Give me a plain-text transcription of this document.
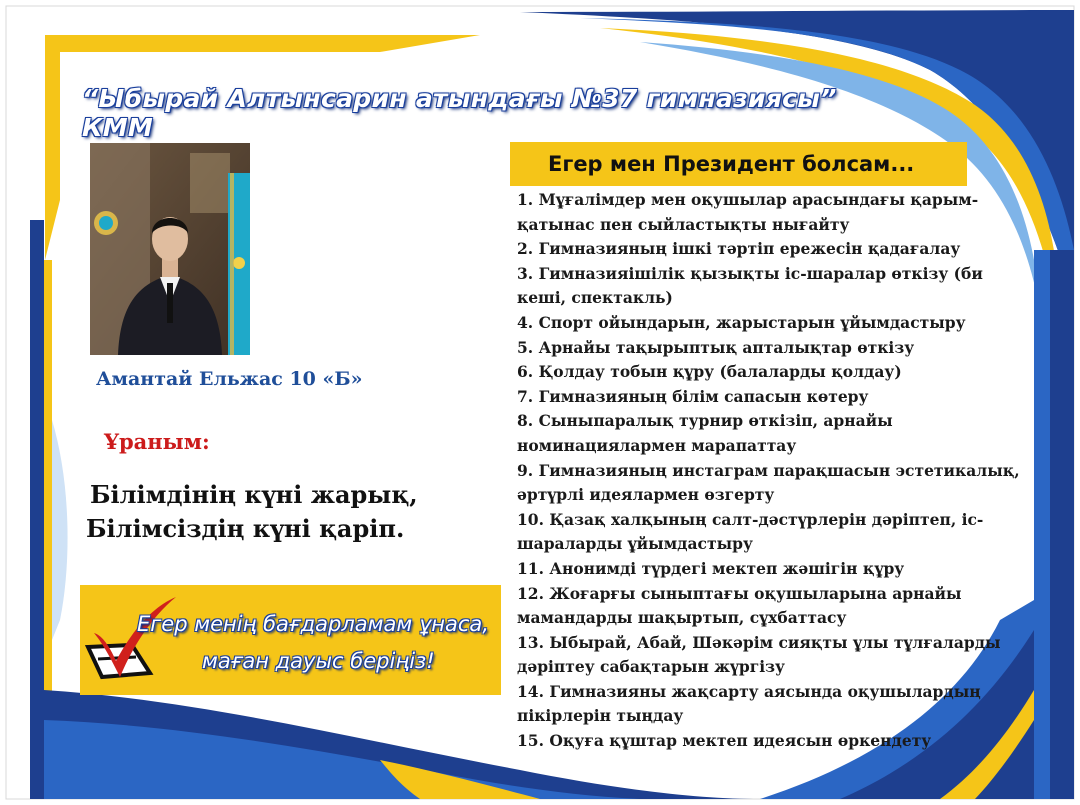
“Ыбырай Алтынсарин атындағы №37 гимназиясы” КММ
Амантай Ельжас 10 «Б»
Ұраным:
Білімдінің күні жарық,
Білімсіздің күні қаріп.
Егер менің бағдарламам ұнаса,
маған дауыс беріңіз!
Егер мен Президент болсам...
1. Мұғалімдер мен оқушылар арасындағы қарым-
қатынас пен сыйластықты нығайту
2. Гимназияның ішкі тәртіп ережесін қадағалау
3. Гимназияішілік қызықты іс-шаралар өткізу (би
кеші, спектакль)
4. Спорт ойындарын, жарыстарын ұйымдастыру
5. Арнайы тақырыптық апталықтар өткізу
6. Қолдау тобын құру (балаларды қолдау)
7. Гимназияның білім сапасын көтеру
8. Сыныпаралық турнир өткізіп, арнайы
номинациялармен марапаттау
9. Гимназияның инстаграм парақшасын эстетикалық,
әртүрлі идеялармен өзгерту
10. Қазақ халқының салт-дәстүрлерін дәріптеп, іс-
шараларды ұйымдастыру
11. Анонимді түрдегі мектеп жәшігін құру
12. Жоғарғы сыныптағы оқушыларына арнайы
мамандарды шақыртып, сұхбаттасу
13. Ыбырай, Абай, Шәкәрім сияқты ұлы тұлғаларды
дәріптеу сабақтарын жүргізу
14. Гимназияны жақсарту аясында оқушылардың
пікірлерін тыңдау
15. Оқуға құштар мектеп идеясын өркендету
